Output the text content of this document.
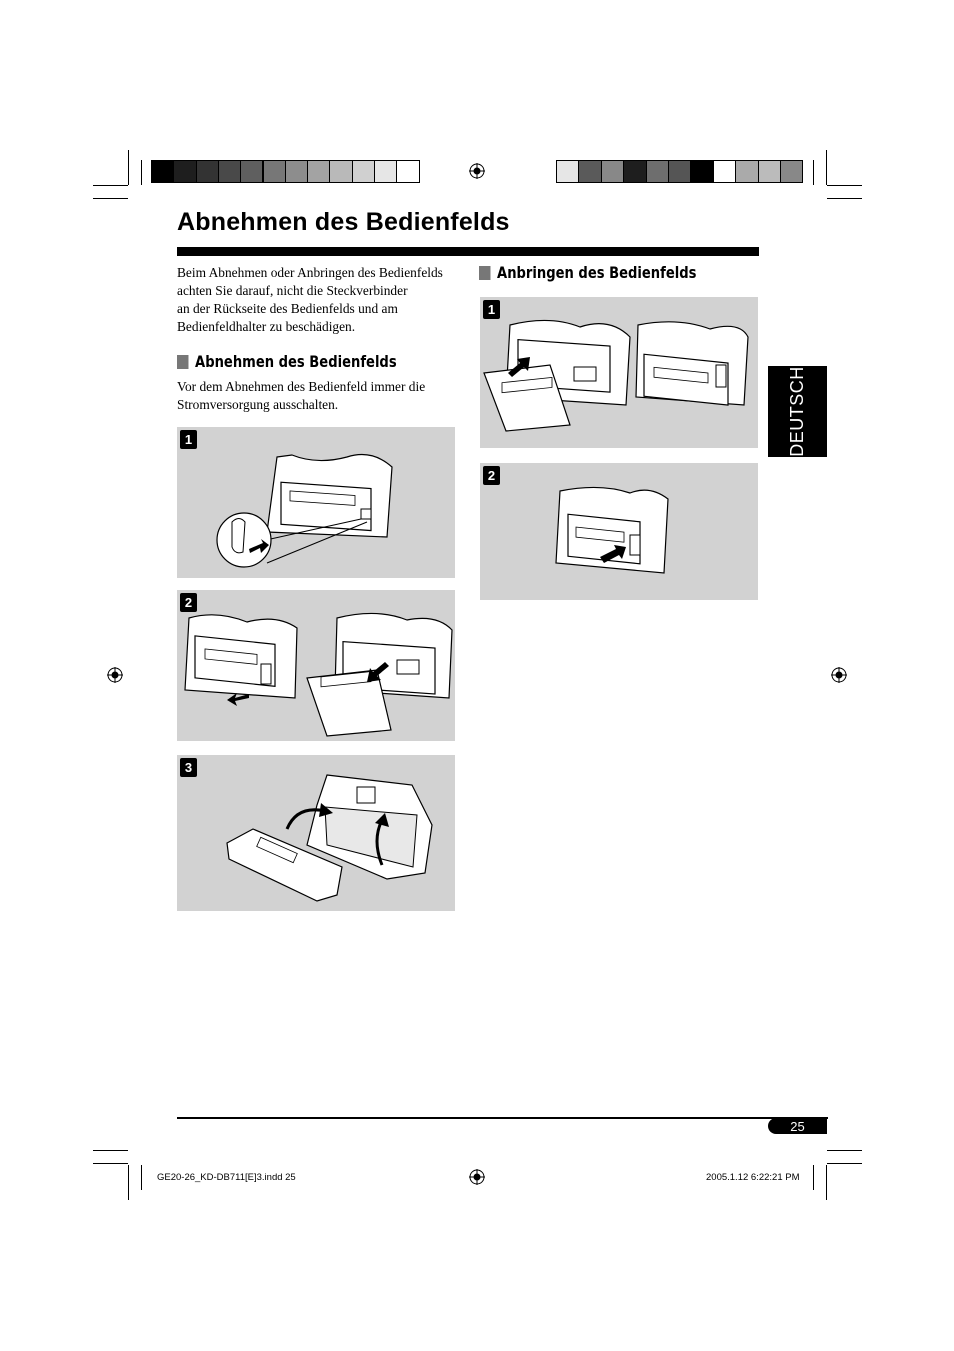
Abnehmen des Bedienfelds
Beim Abnehmen oder Anbringen des Bedienfelds
achten Sie darauf, nicht die Steckverbinder
an der Rückseite des Bedienfelds und am
Bedienfeldhalter zu beschädigen.
Abnehmen des Bedienfelds
Vor dem Abnehmen des Bedienfeld immer die
Stromversorgung ausschalten.
1
2
3
Anbringen des Bedienfelds
1
2
DEUTSCH
25
GE20-26_KD-DB711[E]3.indd 25	2005.1.12 6:22:21 PM
